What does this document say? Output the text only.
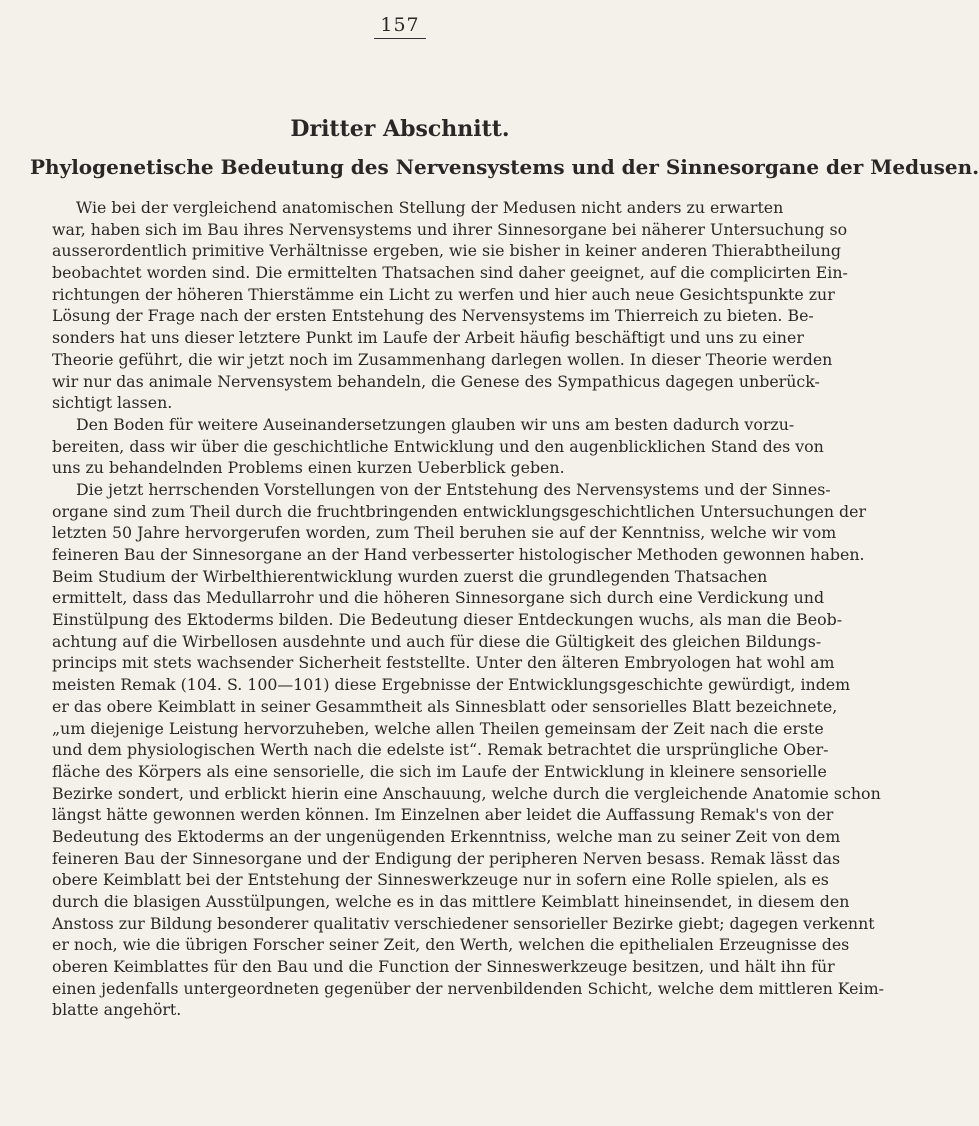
157
Dritter Abschnitt.
Phylogenetische Bedeutung des Nervensystems und der Sinnesorgane der Medusen.
Wie bei der vergleichend anatomischen Stellung der Medusen nicht anders zu erwarten
war, haben sich im Bau ihres Nervensystems und ihrer Sinnesorgane bei näherer Untersuchung so
ausserordentlich primitive Verhältnisse ergeben, wie sie bisher in keiner anderen Thierabtheilung
beobachtet worden sind. Die ermittelten Thatsachen sind daher geeignet, auf die complicirten Ein-
richtungen der höheren Thierstämme ein Licht zu werfen und hier auch neue Gesichtspunkte zur
Lösung der Frage nach der ersten Entstehung des Nervensystems im Thierreich zu bieten. Be-
sonders hat uns dieser letztere Punkt im Laufe der Arbeit häufig beschäftigt und uns zu einer
Theorie geführt, die wir jetzt noch im Zusammenhang darlegen wollen. In dieser Theorie werden
wir nur das animale Nervensystem behandeln, die Genese des Sympathicus dagegen unberück-
sichtigt lassen.
Den Boden für weitere Auseinandersetzungen glauben wir uns am besten dadurch vorzu-
bereiten, dass wir über die geschichtliche Entwicklung und den augenblicklichen Stand des von
uns zu behandelnden Problems einen kurzen Ueberblick geben.
Die jetzt herrschenden Vorstellungen von der Entstehung des Nervensystems und der Sinnes-
organe sind zum Theil durch die fruchtbringenden entwicklungsgeschichtlichen Untersuchungen der
letzten 50 Jahre hervorgerufen worden, zum Theil beruhen sie auf der Kenntniss, welche wir vom
feineren Bau der Sinnesorgane an der Hand verbesserter histologischer Methoden gewonnen haben.
Beim Studium der Wirbelthierentwicklung wurden zuerst die grundlegenden Thatsachen
ermittelt, dass das Medullarrohr und die höheren Sinnesorgane sich durch eine Verdickung und
Einstülpung des Ektoderms bilden. Die Bedeutung dieser Entdeckungen wuchs, als man die Beob-
achtung auf die Wirbellosen ausdehnte und auch für diese die Gültigkeit des gleichen Bildungs-
princips mit stets wachsender Sicherheit feststellte. Unter den älteren Embryologen hat wohl am
meisten Remak (104. S. 100—101) diese Ergebnisse der Entwicklungsgeschichte gewürdigt, indem
er das obere Keimblatt in seiner Gesammtheit als Sinnesblatt oder sensorielles Blatt bezeichnete,
„um diejenige Leistung hervorzuheben, welche allen Theilen gemeinsam der Zeit nach die erste
und dem physiologischen Werth nach die edelste ist“. Remak betrachtet die ursprüngliche Ober-
fläche des Körpers als eine sensorielle, die sich im Laufe der Entwicklung in kleinere sensorielle
Bezirke sondert, und erblickt hierin eine Anschauung, welche durch die vergleichende Anatomie schon
längst hätte gewonnen werden können. Im Einzelnen aber leidet die Auffassung Remak's von der
Bedeutung des Ektoderms an der ungenügenden Erkenntniss, welche man zu seiner Zeit von dem
feineren Bau der Sinnesorgane und der Endigung der peripheren Nerven besass. Remak lässt das
obere Keimblatt bei der Entstehung der Sinneswerkzeuge nur in sofern eine Rolle spielen, als es
durch die blasigen Ausstülpungen, welche es in das mittlere Keimblatt hineinsendet, in diesem den
Anstoss zur Bildung besonderer qualitativ verschiedener sensorieller Bezirke giebt; dagegen verkennt
er noch, wie die übrigen Forscher seiner Zeit, den Werth, welchen die epithelialen Erzeugnisse des
oberen Keimblattes für den Bau und die Function der Sinneswerkzeuge besitzen, und hält ihn für
einen jedenfalls untergeordneten gegenüber der nervenbildenden Schicht, welche dem mittleren Keim-
blatte angehört.
